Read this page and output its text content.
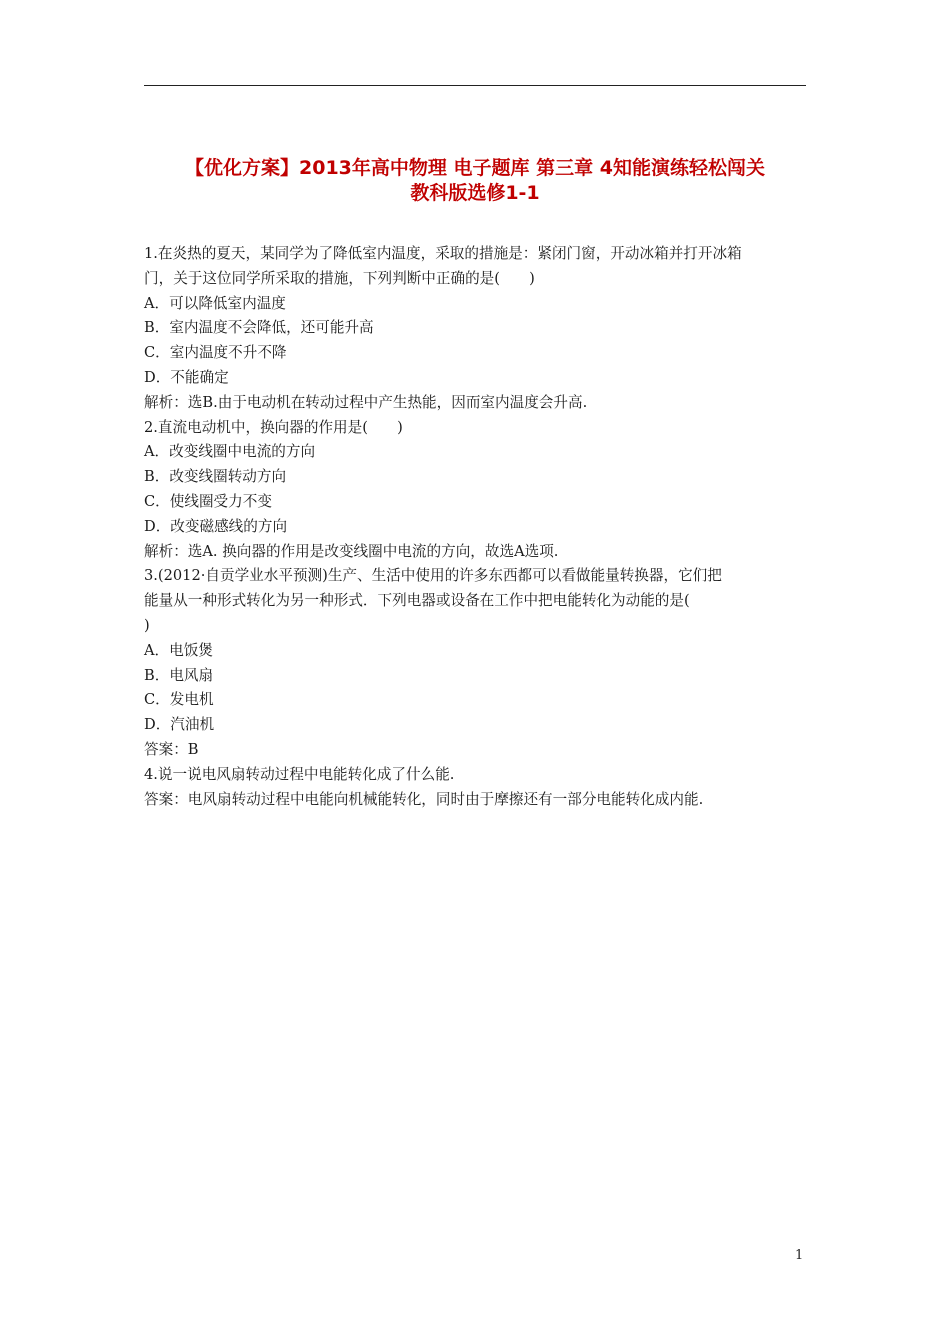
【优化方案】2013年高中物理 电子题库 第三章 4知能演练轻松闯关
教科版选修1-1

1.在炎热的夏天，某同学为了降低室内温度，采取的措施是：紧闭门窗，开动冰箱并打开冰箱

门，关于这位同学所采取的措施，下列判断中正确的是(　　)

A．可以降低室内温度

B．室内温度不会降低，还可能升高

C．室内温度不升不降

D．不能确定

解析：选B.由于电动机在转动过程中产生热能，因而室内温度会升高.

2.直流电动机中，换向器的作用是(　　)

A．改变线圈中电流的方向

B．改变线圈转动方向

C．使线圈受力不变

D．改变磁感线的方向

解析：选A. 换向器的作用是改变线圈中电流的方向，故选A选项.

3.(2012·自贡学业水平预测)生产、生活中使用的许多东西都可以看做能量转换器，它们把

能量从一种形式转化为另一种形式．下列电器或设备在工作中把电能转化为动能的是(

)

A．电饭煲

B．电风扇

C．发电机

D．汽油机

答案：B

4.说一说电风扇转动过程中电能转化成了什么能.

答案：电风扇转动过程中电能向机械能转化，同时由于摩擦还有一部分电能转化成内能.

1
